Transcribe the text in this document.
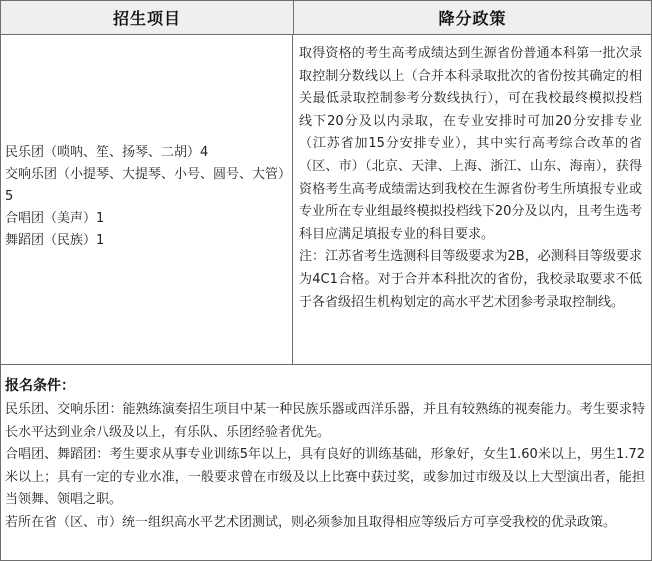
招生项目	降分政策
民乐团（唢呐、笙、扬琴、二胡）4
交响乐团（小提琴、大提琴、小号、圆号、大管）5
合唱团（美声）1
舞蹈团（民族）1

取得资格的考生高考成绩达到生源省份普通本科第一批次录取控制分数线以上（合并本科录取批次的省份按其确定的相关最低录取控制参考分数线执行），可在我校最终模拟投档线下20分及以内录取，在专业安排时可加20分安排专业（江苏省加15分安排专业），其中实行高考综合改革的省（区、市）（北京、天津、上海、浙江、山东、海南），获得资格考生高考成绩需达到我校在生源省份考生所填报专业或专业所在专业组最终模拟投档线下20分及以内，且考生选考科目应满足填报专业的科目要求。

注：江苏省考生选测科目等级要求为2B，必测科目等级要求为4C1合格。对于合并本科批次的省份，我校录取要求不低于各省级招生机构划定的高水平艺术团参考录取控制线。

报名条件：

民乐团、交响乐团：能熟练演奏招生项目中某一种民族乐器或西洋乐器，并且有较熟练的视奏能力。考生要求特长水平达到业余八级及以上，有乐队、乐团经验者优先。

合唱团、舞蹈团：考生要求从事专业训练5年以上，具有良好的训练基础，形象好，女生1.60米以上，男生1.72米以上；具有一定的专业水准，一般要求曾在市级及以上比赛中获过奖，或参加过市级及以上大型演出者，能担当领舞、领唱之职。

若所在省（区、市）统一组织高水平艺术团测试，则必须参加且取得相应等级后方可享受我校的优录政策。
